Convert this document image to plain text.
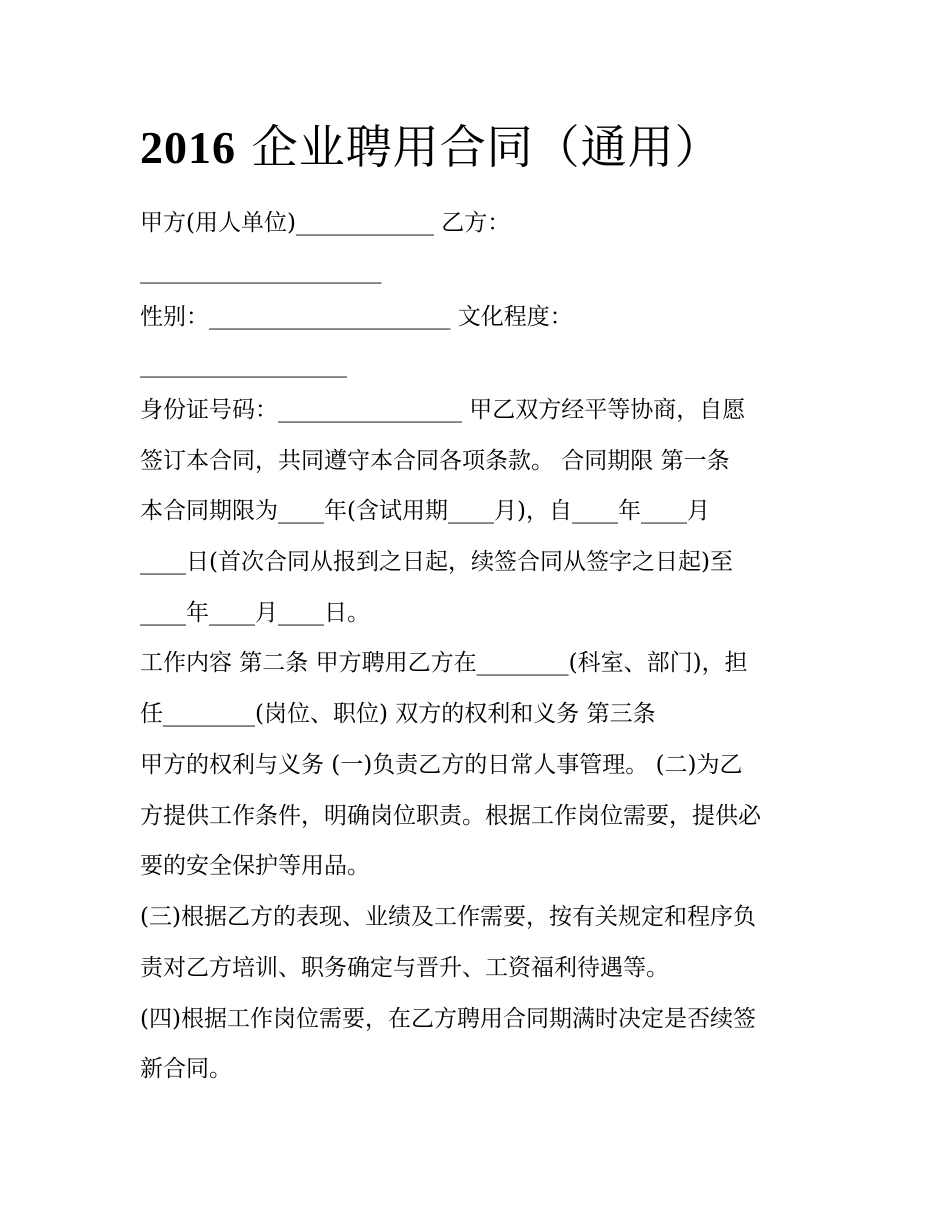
2016 企业聘用合同（通用）
甲方(用人单位)____________ 乙方：
_____________________
性别：_____________________ 文化程度：
__________________
身份证号码：________________ 甲乙双方经平等协商，自愿
签订本合同，共同遵守本合同各项条款。 合同期限 第一条
本合同期限为____年(含试用期____月)，自____年____月
____日(首次合同从报到之日起，续签合同从签字之日起)至
____年____月____日。
工作内容 第二条 甲方聘用乙方在________(科室、部门)，担
任________(岗位、职位) 双方的权利和义务 第三条
甲方的权利与义务 (一)负责乙方的日常人事管理。 (二)为乙
方提供工作条件，明确岗位职责。根据工作岗位需要，提供必
要的安全保护等用品。
(三)根据乙方的表现、业绩及工作需要，按有关规定和程序负
责对乙方培训、职务确定与晋升、工资福利待遇等。
(四)根据工作岗位需要，在乙方聘用合同期满时决定是否续签
新合同。
